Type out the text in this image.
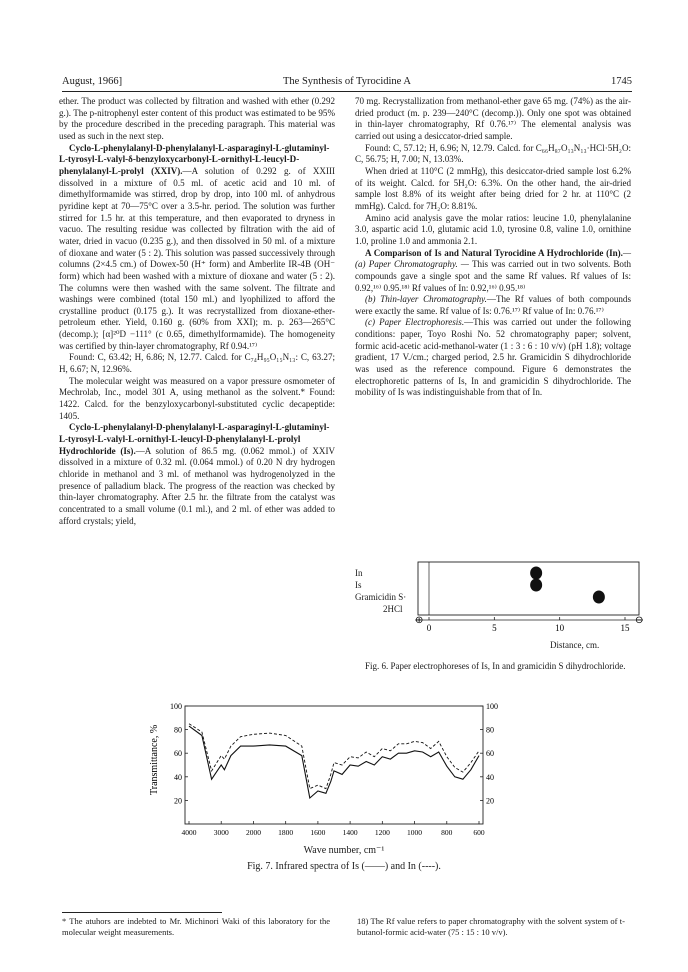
August, 1966]	The Synthesis of Tyrocidine A	1745

ether. The product was collected by filtration and washed with ether (0.292 g.). The p-nitrophenyl ester content of this product was estimated to be 95% by the procedure described in the preceding paragraph. This material was used as such in the next step.

Cyclo-L-phenylalanyl-D-phenylalanyl-L-asparaginyl-L-glutaminyl-L-tyrosyl-L-valyl-δ-benzyloxycarbonyl-L-ornithyl-L-leucyl-D-phenylalanyl-L-prolyl (XXIV).—A solution of 0.292 g. of XXIII dissolved in a mixture of 0.5 ml. of acetic acid and 10 ml. of dimethylformamide was stirred, drop by drop, into 100 ml. of anhydrous pyridine kept at 70—75°C over a 3.5-hr. period. The solution was further stirred for 1.5 hr. at this temperature, and then evaporated to dryness in vacuo. The resulting residue was collected by filtration with the aid of water, dried in vacuo (0.235 g.), and then dissolved in 50 ml. of a mixture of dioxane and water (5 : 2). This solution was passed successively through columns (2×4.5 cm.) of Dowex-50 (H⁺ form) and Amberlite IR-4B (OH⁻ form) which had been washed with a mixture of dioxane and water (5 : 2). The columns were then washed with the same solvent. The filtrate and washings were combined (total 150 ml.) and lyophilized to afford the crystalline product (0.175 g.). It was recrystallized from dioxane-ether-petroleum ether. Yield, 0.160 g. (60% from XXI); m. p. 263—265°C (decomp.); [α]²⁰D −111° (c 0.65, dimethylformamide). The homogeneity was certified by thin-layer chromatography, Rf 0.94.¹⁷⁾

Found: C, 63.42; H, 6.86; N, 12.77. Calcd. for C₇₄H₉₅O₁₅N₁₃: C, 63.27; H, 6.67; N, 12.96%.

The molecular weight was measured on a vapor pressure osmometer of Mechrolab, Inc., model 301 A, using methanol as the solvent.* Found: 1422. Calcd. for the benzyloxycarbonyl-substituted cyclic decapeptide: 1405.

Cyclo-L-phenylalanyl-D-phenylalanyl-L-asparaginyl-L-glutaminyl-L-tyrosyl-L-valyl-L-ornithyl-L-leucyl-D-phenylalanyl-L-prolyl Hydrochloride (Is).—A solution of 86.5 mg. (0.062 mmol.) of XXIV dissolved in a mixture of 0.32 ml. (0.064 mmol.) of 0.20 N dry hydrogen chloride in methanol and 3 ml. of methanol was hydrogenolyzed in the presence of palladium black. The progress of the reaction was checked by thin-layer chromatography. After 2.5 hr. the filtrate from the catalyst was concentrated to a small volume (0.1 ml.), and 2 ml. of ether was added to afford crystals; yield,

70 mg. Recrystallization from methanol-ether gave 65 mg. (74%) as the air-dried product (m. p. 239—240°C (decomp.)). Only one spot was obtained in thin-layer chromatography, Rf 0.76.¹⁷⁾ The elemental analysis was carried out using a desiccator-dried sample.

Found: C, 57.12; H, 6.96; N, 12.79. Calcd. for C₆₆H₈₇O₁₃N₁₃·HCl·5H₂O: C, 56.75; H, 7.00; N, 13.03%.

When dried at 110°C (2 mmHg), this desiccator-dried sample lost 6.2% of its weight. Calcd. for 5H₂O: 6.3%. On the other hand, the air-dried sample lost 8.8% of its weight after being dried for 2 hr. at 110°C (2 mmHg). Calcd. for 7H₂O: 8.81%.

Amino acid analysis gave the molar ratios: leucine 1.0, phenylalanine 3.0, aspartic acid 1.0, glutamic acid 1.0, tyrosine 0.8, valine 1.0, ornithine 1.0, proline 1.0 and ammonia 2.1.

A Comparison of Is and Natural Tyrocidine A Hydrochloride (In).— (a) Paper Chromatography. — This was carried out in two solvents. Both compounds gave a single spot and the same Rf values. Rf values of Is: 0.92,¹⁶⁾ 0.95.¹⁸⁾ Rf values of In: 0.92,¹⁶⁾ 0.95.¹⁸⁾

(b) Thin-layer Chromatography.—The Rf values of both compounds were exactly the same. Rf value of Is: 0.76.¹⁷⁾ Rf value of In: 0.76.¹⁷⁾

(c) Paper Electrophoresis.—This was carried out under the following conditions: paper, Toyo Roshi No. 52 chromatography paper; solvent, formic acid-acetic acid-methanol-water (1 : 3 : 6 : 10 v/v) (pH 1.8); voltage gradient, 17 V./cm.; charged period, 2.5 hr. Gramicidin S dihydrochloride was used as the reference compound. Figure 6 demonstrates the electrophoretic patterns of Is, In and gramicidin S dihydrochloride. The mobility of Is was indistinguishable from that of In.

In
Is
Gramicidin S·
2HCl
⊕	⊖
0	5	10	15
Distance, cm.
Fig. 6. Paper electrophoreses of Is, In and gramicidin S dihydrochloride.
100
80
60
40
20
100
80
60
40
20
4000 3000 2000 1800 1600 1400 1200 1000	800	600
Transmittance, %
Wave number, cm⁻¹
Fig. 7. Infrared spectra of Is (——) and In (----).
* The atuhors are indebted to Mr. Michinori Waki of this laboratory for the molecular weight measurements.
18) The Rf value refers to paper chromatography with the solvent system of t-butanol-formic acid-water (75 : 15 : 10 v/v).
